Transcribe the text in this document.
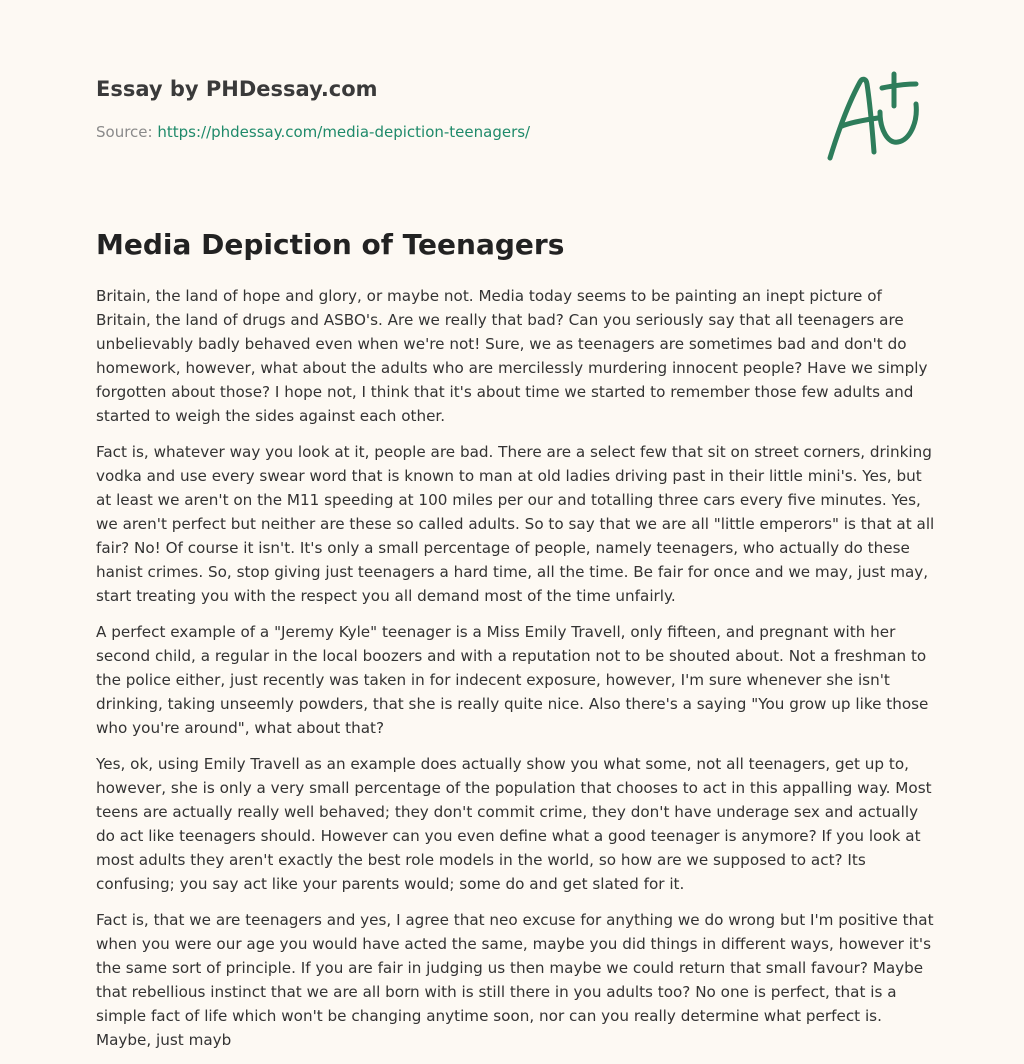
Essay by PHDessay.com
Source: https://phdessay.com/media-depiction-teenagers/
Media Depiction of Teenagers

Britain, the land of hope and glory, or maybe not. Media today seems to be painting an inept picture of Britain, the land of drugs and ASBO's. Are we really that bad? Can you seriously say that all teenagers are unbelievably badly behaved even when we're not! Sure, we as teenagers are sometimes bad and don't do homework, however, what about the adults who are mercilessly murdering innocent people? Have we simply forgotten about those? I hope not, I think that it's about time we started to remember those few adults and started to weigh the sides against each other.

Fact is, whatever way you look at it, people are bad. There are a select few that sit on street corners, drinking vodka and use every swear word that is known to man at old ladies driving past in their little mini's. Yes, but at least we aren't on the M11 speeding at 100 miles per our and totalling three cars every five minutes. Yes, we aren't perfect but neither are these so called adults. So to say that we are all "little emperors" is that at all fair? No! Of course it isn't. It's only a small percentage of people, namely teenagers, who actually do these hanist crimes. So, stop giving just teenagers a hard time, all the time. Be fair for once and we may, just may, start treating you with the respect you all demand most of the time unfairly.

A perfect example of a "Jeremy Kyle" teenager is a Miss Emily Travell, only fifteen, and pregnant with her second child, a regular in the local boozers and with a reputation not to be shouted about. Not a freshman to the police either, just recently was taken in for indecent exposure, however, I'm sure whenever she isn't drinking, taking unseemly powders, that she is really quite nice. Also there's a saying "You grow up like those who you're around", what about that?

Yes, ok, using Emily Travell as an example does actually show you what some, not all teenagers, get up to, however, she is only a very small percentage of the population that chooses to act in this appalling way. Most teens are actually really well behaved; they don't commit crime, they don't have underage sex and actually do act like teenagers should. However can you even define what a good teenager is anymore? If you look at most adults they aren't exactly the best role models in the world, so how are we supposed to act? Its confusing; you say act like your parents would; some do and get slated for it.

Fact is, that we are teenagers and yes, I agree that neo excuse for anything we do wrong but I'm positive that when you were our age you would have acted the same, maybe you did things in different ways, however it's the same sort of principle. If you are fair in judging us then maybe we could return that small favour? Maybe that rebellious instinct that we are all born with is still there in you adults too? No one is perfect, that is a simple fact of life which won't be changing anytime soon, nor can you really determine what perfect is. Maybe, just mayb
